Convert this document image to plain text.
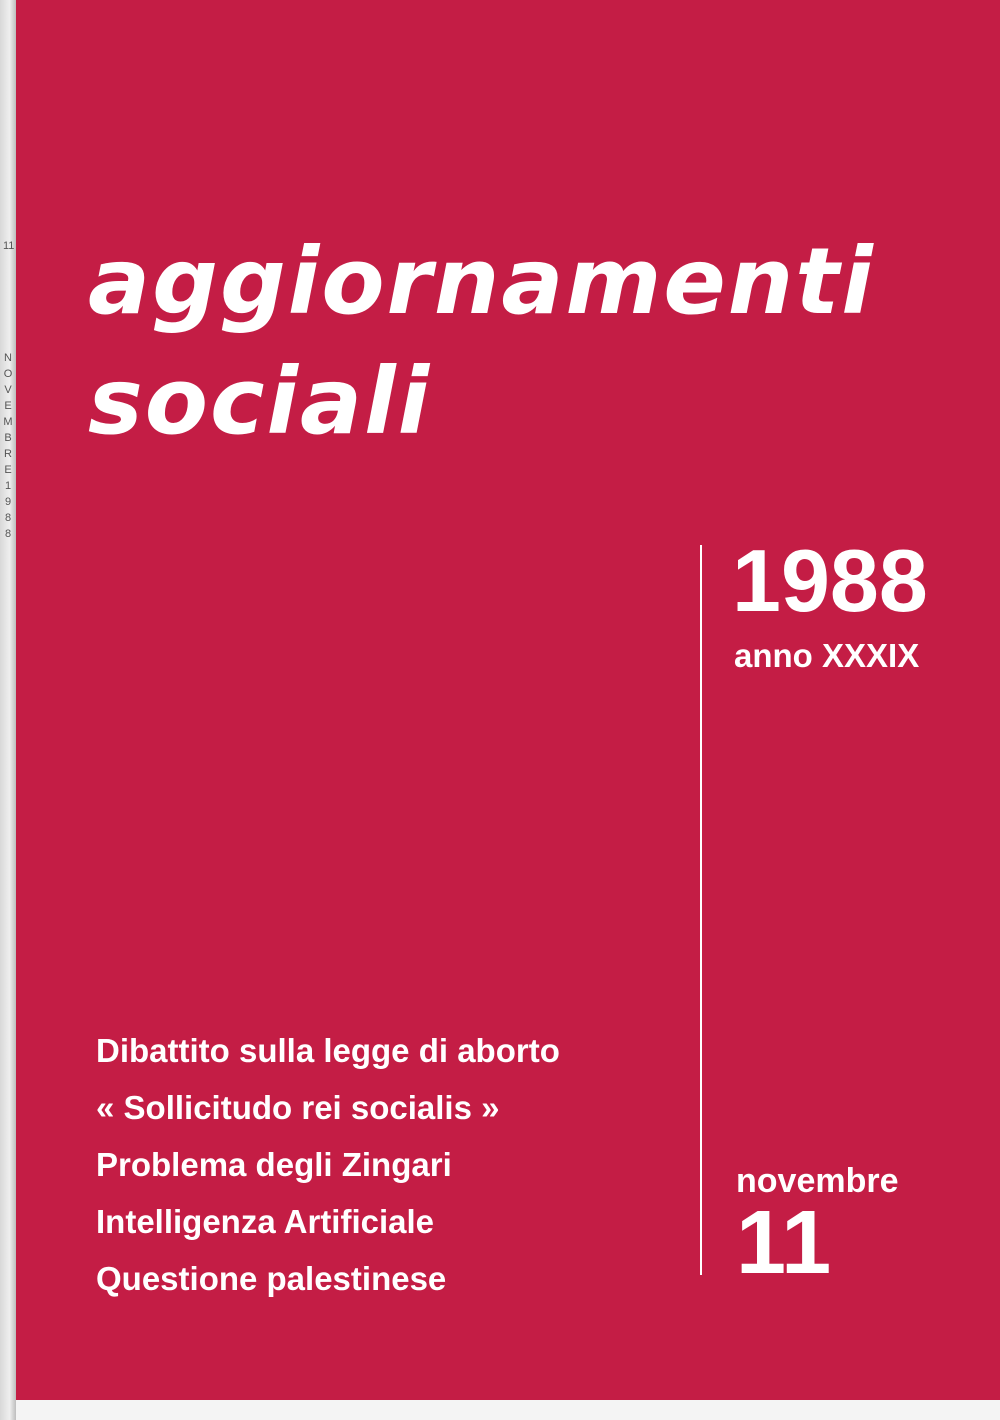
11
NOVEMBRE 1988
aggiornamenti
sociali
1988
anno XXXIX
Dibattito sulla legge di aborto
« Sollicitudo rei socialis »
Problema degli Zingari
Intelligenza Artificiale
Questione palestinese
novembre
11
